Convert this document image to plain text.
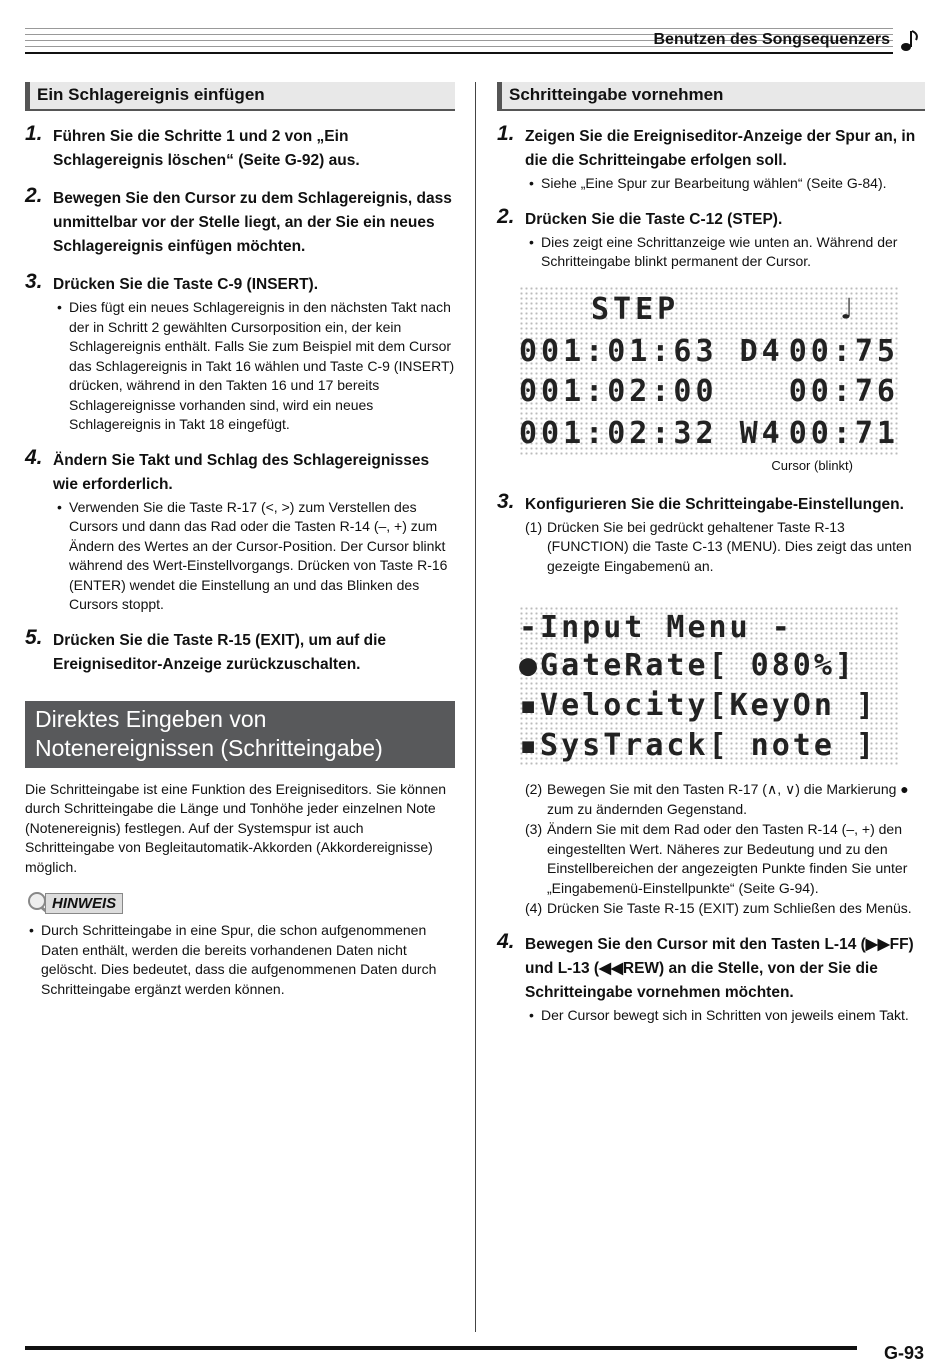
Benutzen des Songsequenzers
Ein Schlagereignis einfügen
1. Führen Sie die Schritte 1 und 2 von „Ein Schlagereignis löschen“ (Seite G-92) aus.
2. Bewegen Sie den Cursor zu dem Schlagereignis, dass unmittelbar vor der Stelle liegt, an der Sie ein neues Schlagereignis einfügen möchten.
3. Drücken Sie die Taste C-9 (INSERT).
• Dies fügt ein neues Schlagereignis in den nächsten Takt nach der in Schritt 2 gewählten Cursorposition ein, der kein Schlagereignis enthält. Falls Sie zum Beispiel mit dem Cursor das Schlagereignis in Takt 16 wählen und Taste C-9 (INSERT) drücken, während in den Takten 16 und 17 bereits Schlagereignisse vorhanden sind, wird ein neues Schlagereignis in Takt 18 eingefügt.
4. Ändern Sie Takt und Schlag des Schlagereignisses wie erforderlich.
• Verwenden Sie die Taste R-17 (<, >) zum Verstellen des Cursors und dann das Rad oder die Tasten R-14 (–, +) zum Ändern des Wertes an der Cursor-Position. Der Cursor blinkt während des Wert-Einstellvorgangs. Drücken von Taste R-16 (ENTER) wendet die Einstellung an und das Blinken des Cursors stoppt.
5. Drücken Sie die Taste R-15 (EXIT), um auf die Ereigniseditor-Anzeige zurückzuschalten.
Direktes Eingeben von Notenereignissen (Schritteingabe)
Die Schritteingabe ist eine Funktion des Ereigniseditors. Sie können durch Schritteingabe die Länge und Tonhöhe jeder einzelnen Note (Notenereignis) festlegen. Auf der Systemspur ist auch Schritteingabe von Begleitautomatik-Akkorden (Akkordereignisse) möglich.
HINWEIS
• Durch Schritteingabe in eine Spur, die schon aufgenommenen Daten enthält, werden die bereits vorhandenen Daten nicht gelöscht. Dies bedeutet, dass die aufgenommenen Daten durch Schritteingabe ergänzt werden können.
Schritteingabe vornehmen
1. Zeigen Sie die Ereigniseditor-Anzeige der Spur an, in die die Schritteingabe erfolgen soll.
• Siehe „Eine Spur zur Bearbeitung wählen“ (Seite G-84).
2. Drücken Sie die Taste C-12 (STEP).
• Dies zeigt eine Schrittanzeige wie unten an. Während der Schritteingabe blinkt permanent der Cursor.
STEP	♩
001:01:63 D4 00:75
001:02:00 00:76
001:02:32 W4 00:71
Cursor (blinkt)
3. Konfigurieren Sie die Schritteingabe-Einstellungen.
(1) Drücken Sie bei gedrückt gehaltener Taste R-13 (FUNCTION) die Taste C-13 (MENU). Dies zeigt das unten gezeigte Eingabemenü an.
-Input Menu -
●GateRate[ 080%]
▪Velocity[KeyOn ]
▪SysTrack[ note ]
(2) Bewegen Sie mit den Tasten R-17 (∧, ∨) die Markierung ● zum zu ändernden Gegenstand.
(3) Ändern Sie mit dem Rad oder den Tasten R-14 (–, +) den eingestellten Wert. Näheres zur Bedeutung und zu den Einstellbereichen der angezeigten Punkte finden Sie unter „Eingabemenü-Einstellpunkte“ (Seite G-94).
(4) Drücken Sie Taste R-15 (EXIT) zum Schließen des Menüs.
4. Bewegen Sie den Cursor mit den Tasten L-14 (▶▶FF) und L-13 (◀◀REW) an die Stelle, von der Sie die Schritteingabe vornehmen möchten.
• Der Cursor bewegt sich in Schritten von jeweils einem Takt.
G-93
